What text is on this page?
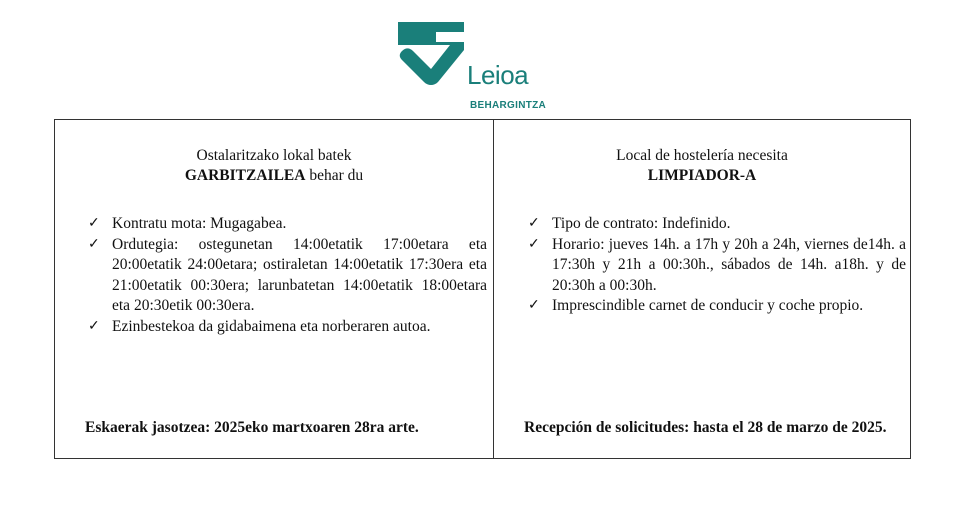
Leioa
BEHARGINTZA
Ostalaritzako lokal batek
GARBITZAILEA behar du
✓ Kontratu mota: Mugagabea.
✓ Ordutegia: ostegunetan 14:00etatik 17:00etara eta 20:00etatik 24:00etara; ostiraletan 14:00etatik 17:30era eta 21:00etatik 00:30era; larunbatetan 14:00etatik 18:00etara eta 20:30etik 00:30era.
✓ Ezinbestekoa da gidabaimena eta norberaren autoa.
Eskaerak jasotzea: 2025eko martxoaren 28ra arte.
Local de hostelería necesita
LIMPIADOR-A
✓ Tipo de contrato: Indefinido.
✓ Horario: jueves 14h. a 17h y 20h a 24h, viernes de14h. a 17:30h y 21h a 00:30h., sábados de 14h. a18h. y de 20:30h a 00:30h.
✓ Imprescindible carnet de conducir y coche propio.
Recepción de solicitudes: hasta el 28 de marzo de 2025.
